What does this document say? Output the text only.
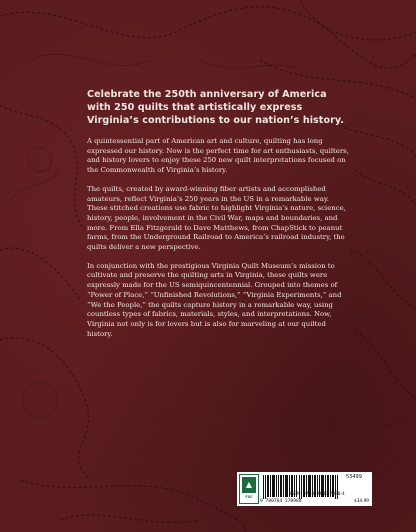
Celebrate the 250th anniversary of America with 250 quilts that artistically express Virginia’s contributions to our nation’s history.

A quintessential part of American art and culture, quilting has long expressed our history. Now is the perfect time for art enthusiasts, quilters, and history lovers to enjoy these 250 new quilt interpretations focused on the Commonwealth of Virginia’s history.

The quilts, created by award-winning fiber artists and accomplished amateurs, reflect Virginia’s 250 years in the US in a remarkable way. These stitched creations use fabric to highlight Virginia’s nature, science, history, people, involvement in the Civil War, maps and boundaries, and more. From Ella Fitzgerald to Dave Matthews, from ChapStick to peanut farms, from the Underground Railroad to America’s railroad industry, the quilts deliver a new perspective.

In conjunction with the prestigious Virginia Quilt Museum’s mission to cultivate and preserve the quilting arts in Virginia, these quilts were expressly made for the US semiquincentennial. Grouped into themes of “Power of Place,” “Unfinished Revolutions,” “Virginia Experiments,” and “We the People,” the quilts capture history in a remarkable way, using countless types of fabrics, materials, styles, and interpretations. Now, Virginia not only is for lovers but is also for marveling at our quilted history.

▲
FSC
9 780764 370984
53499
ISBN: 978-0-7643-7098-4
$34.99
